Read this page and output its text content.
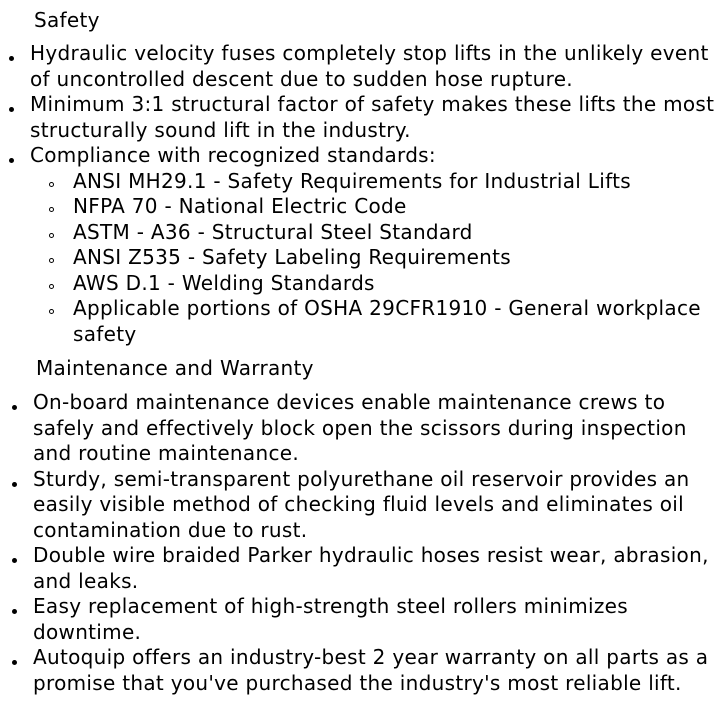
Safety
Hydraulic velocity fuses completely stop lifts in the unlikely event of uncontrolled descent due to sudden hose rupture.
Minimum 3:1 structural factor of safety makes these lifts the most structurally sound lift in the industry.
Compliance with recognized standards:
ANSI MH29.1 - Safety Requirements for Industrial Lifts
NFPA 70 - National Electric Code
ASTM - A36 - Structural Steel Standard
ANSI Z535 - Safety Labeling Requirements
AWS D.1 - Welding Standards
Applicable portions of OSHA 29CFR1910 - General workplace safety
Maintenance and Warranty
On-board maintenance devices enable maintenance crews to safely and effectively block open the scissors during inspection and routine maintenance.
Sturdy, semi-transparent polyurethane oil reservoir provides an easily visible method of checking fluid levels and eliminates oil contamination due to rust.
Double wire braided Parker hydraulic hoses resist wear, abrasion, and leaks.
Easy replacement of high-strength steel rollers minimizes downtime.
Autoquip offers an industry-best 2 year warranty on all parts as a promise that you've purchased the industry's most reliable lift.
